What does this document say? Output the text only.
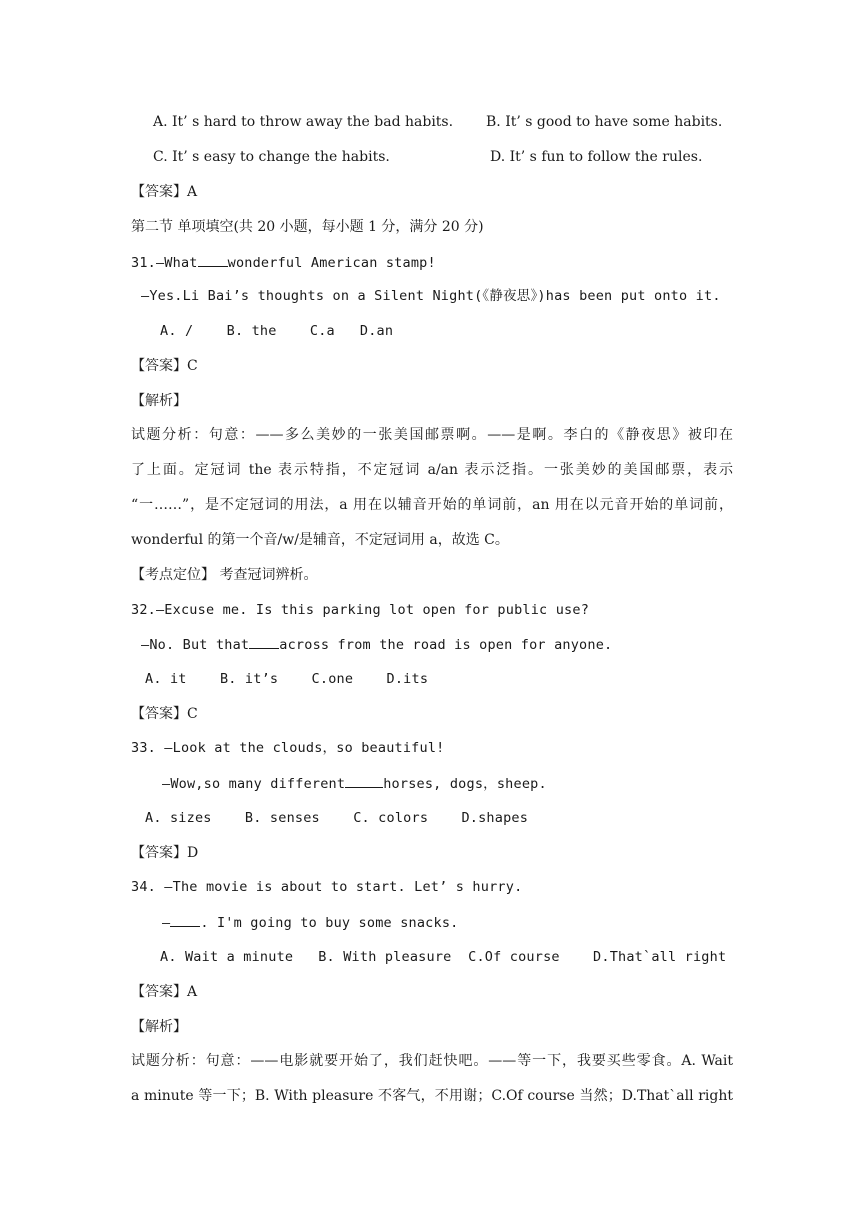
A. It’ s hard to throw away the bad habits. B. It’ s good to have some habits.
C. It’ s easy to change the habits.	D. It’ s fun to follow the rules.
【答案】A
第二节 单项填空(共 20 小题，每小题 1 分，满分 20 分)
31.—What wonderful American stamp!
—Yes.Li Bai’s thoughts on a Silent Night(《静夜思》)has been put onto it.
A. /    B. the    C.a   D.an
【答案】C
【解析】
试题分析：句意：——多么美妙的一张美国邮票啊。——是啊。李白的《静夜思》被印在
了上面。定冠词 the 表示特指，不定冠词 a/an 表示泛指。一张美妙的美国邮票，表示
“一……”，是不定冠词的用法，a 用在以辅音开始的单词前，an 用在以元音开始的单词前，
wonderful 的第一个音/w/是辅音，不定冠词用 a，故选 C。
【考点定位】 考查冠词辨析。
32.—Excuse me. Is this parking lot open for public use?
—No. But that across from the road is open for anyone.
A. it    B. it’s    C.one    D.its
【答案】C
33. —Look at the clouds，so beautiful!
—Wow,so many different	horses, dogs，sheep.
A. sizes    B. senses    C. colors    D.shapes
【答案】D
34. —The movie is about to start. Let’ s hurry.
— . I'm going to buy some snacks.
A. Wait a minute   B. With pleasure  C.Of course    D.That`all right
【答案】A
【解析】
试题分析：句意：——电影就要开始了，我们赶快吧。——等一下，我要买些零食。A. Wait
a minute 等一下；B. With pleasure 不客气，不用谢；C.Of course 当然；D.That`all right
